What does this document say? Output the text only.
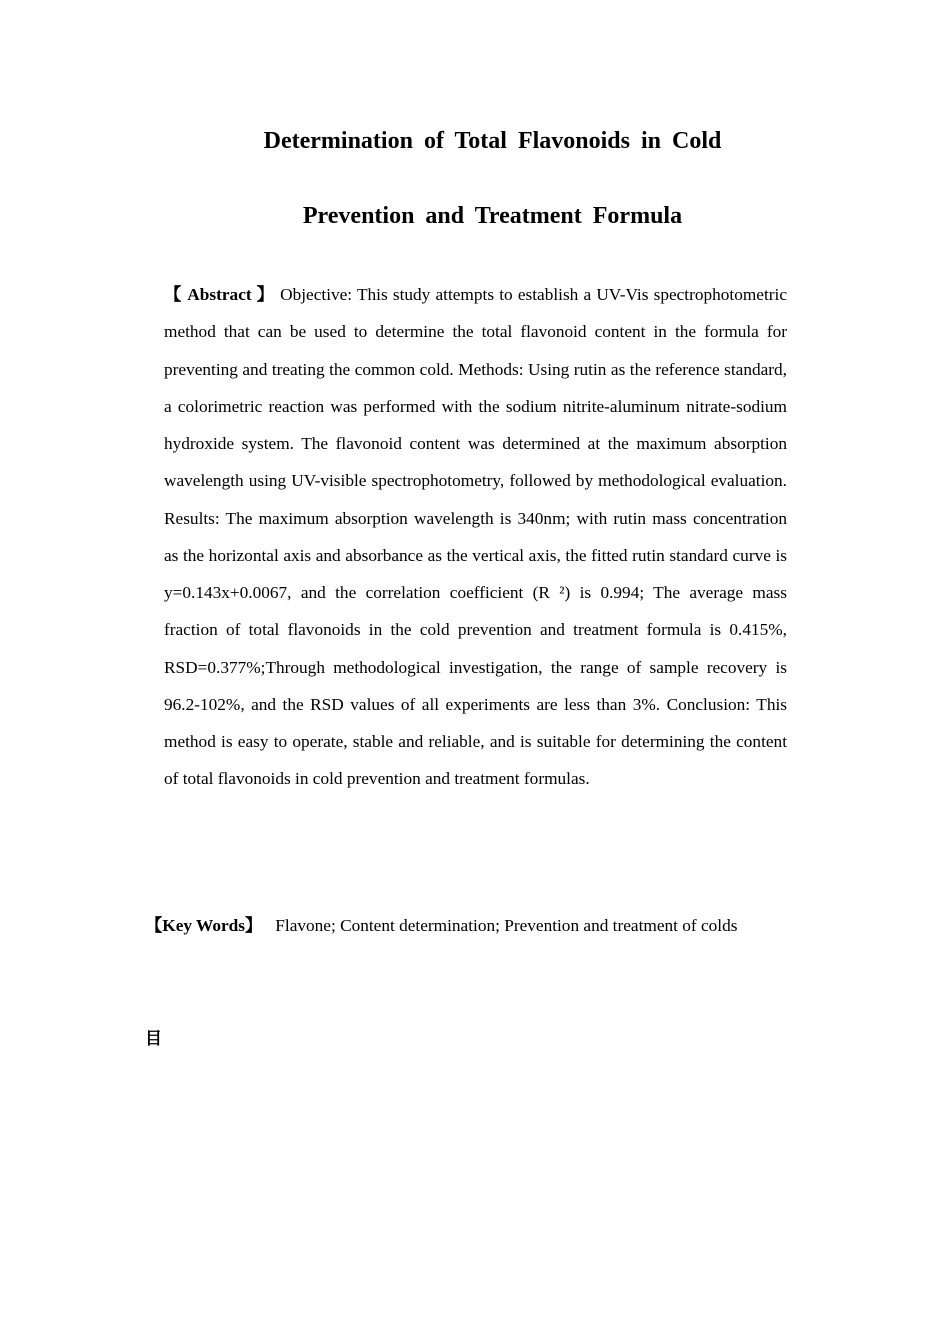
Determination of Total Flavonoids in Cold
Prevention and Treatment Formula

【 Abstract 】 Objective: This study attempts to establish a UV-Vis spectrophotometric method that can be used to determine the total flavonoid content in the formula for preventing and treating the common cold. Methods: Using rutin as the reference standard, a colorimetric reaction was performed with the sodium nitrite-aluminum nitrate-sodium hydroxide system. The flavonoid content was determined at the maximum absorption wavelength using UV-visible spectrophotometry, followed by methodological evaluation. Results: The maximum absorption wavelength is 340nm; with rutin mass concentration as the horizontal axis and absorbance as the vertical axis, the fitted rutin standard curve is y=0.143x+0.0067, and the correlation coefficient (R ²) is 0.994; The average mass fraction of total flavonoids in the cold prevention and treatment formula is 0.415%, RSD=0.377%;Through methodological investigation, the range of sample recovery is 96.2-102%, and the RSD values of all experiments are less than 3%. Conclusion: This method is easy to operate, stable and reliable, and is suitable for determining the content of total flavonoids in cold prevention and treatment formulas.

【Key Words】 Flavone; Content determination; Prevention and treatment of colds

目
